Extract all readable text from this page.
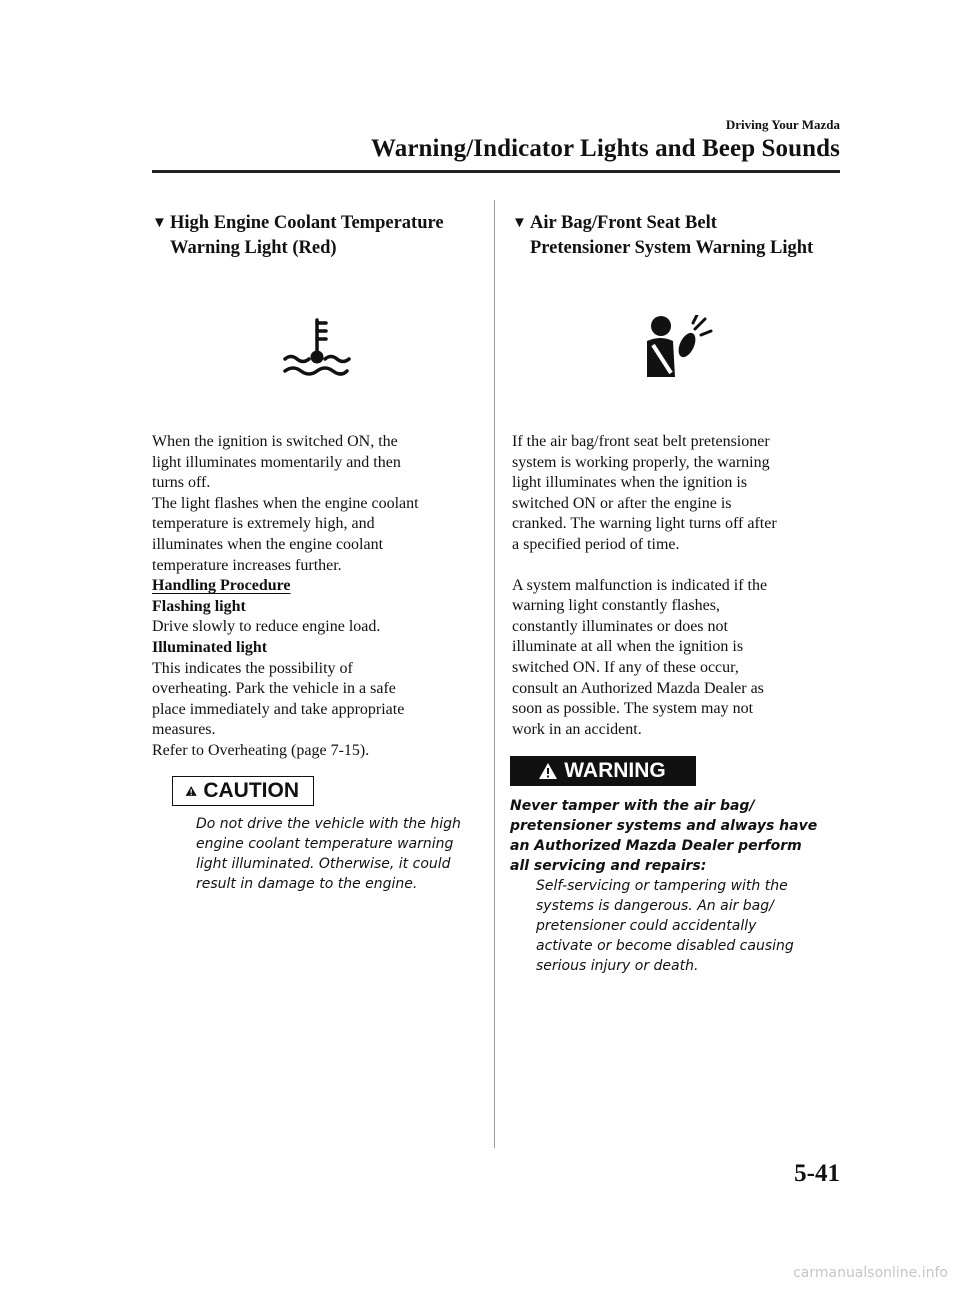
Driving Your Mazda
Warning/Indicator Lights and Beep Sounds
▼ High Engine Coolant Temperature
Warning Light (Red)

When the ignition is switched ON, the

light illuminates momentarily and then

turns off.

The light flashes when the engine coolant

temperature is extremely high, and

illuminates when the engine coolant

temperature increases further.

Handling Procedure

Flashing light

Drive slowly to reduce engine load.

Illuminated light

This indicates the possibility of

overheating. Park the vehicle in a safe

place immediately and take appropriate

measures.

Refer to Overheating (page 7-15).

CAUTION
Do not drive the vehicle with the high
engine coolant temperature warning
light illuminated. Otherwise, it could
result in damage to the engine.
▼ Air Bag/Front Seat Belt
Pretensioner System Warning Light

If the air bag/front seat belt pretensioner

system is working properly, the warning

light illuminates when the ignition is

switched ON or after the engine is

cranked. The warning light turns off after

a specified period of time.

A system malfunction is indicated if the

warning light constantly flashes,

constantly illuminates or does not

illuminate at all when the ignition is

switched ON. If any of these occur,

consult an Authorized Mazda Dealer as

soon as possible. The system may not

work in an accident.

WARNING
Never tamper with the air bag/
pretensioner systems and always have
an Authorized Mazda Dealer perform
all servicing and repairs:
Self-servicing or tampering with the
systems is dangerous. An air bag/
pretensioner could accidentally
activate or become disabled causing
serious injury or death.
5-41
carmanualsonline.info
